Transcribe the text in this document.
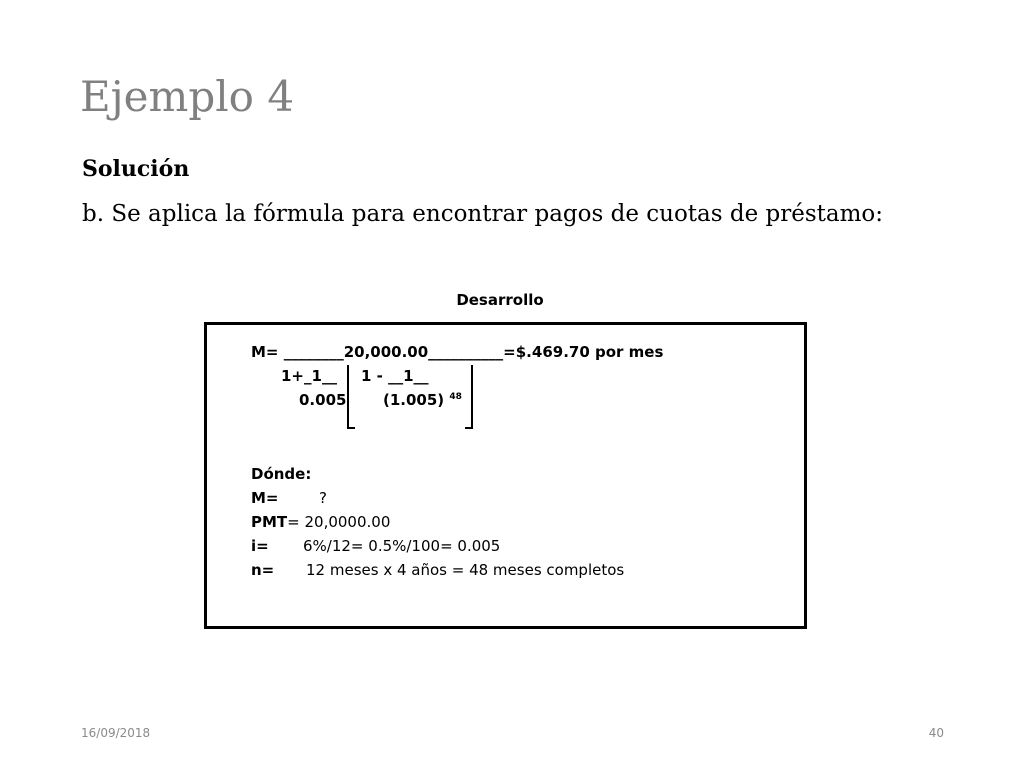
Ejemplo 4
Solución
b. Se aplica la fórmula para encontrar pagos de cuotas de préstamo:
Desarrollo
M= ________20,000.00__________=$.469.70 por mes
1+_1__ 1 - __1__
0.005 (1.005) $^{48}$
Dónde:
M=	?
PMT= 20,0000.00
i= 6%/12= 0.5%/100= 0.005
n= 12 meses x 4 años = 48 meses completos
16/09/2018	40
